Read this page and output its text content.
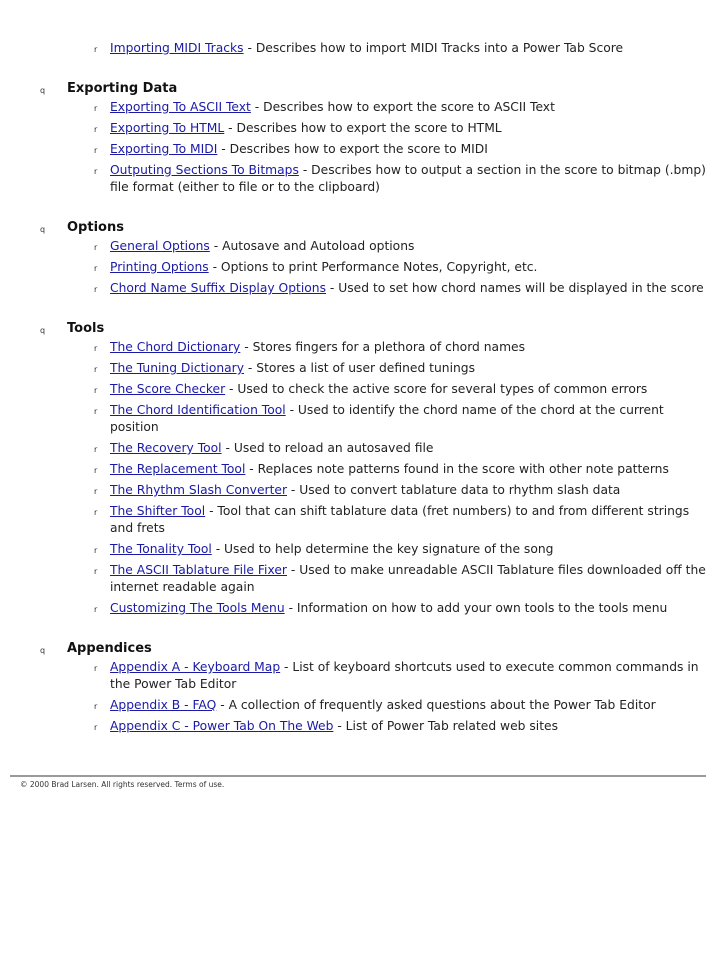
r Importing MIDI Tracks - Describes how to import MIDI Tracks into a Power Tab Score
q Exporting Data
r Exporting To ASCII Text - Describes how to export the score to ASCII Text
r Exporting To HTML - Describes how to export the score to HTML
r Exporting To MIDI - Describes how to export the score to MIDI
r Outputing Sections To Bitmaps - Describes how to output a section in the score to bitmap (.bmp) file format (either to file or to the clipboard)
q Options
r General Options - Autosave and Autoload options
r Printing Options - Options to print Performance Notes, Copyright, etc.
r Chord Name Suffix Display Options - Used to set how chord names will be displayed in the score
q Tools
r The Chord Dictionary - Stores fingers for a plethora of chord names
r The Tuning Dictionary - Stores a list of user defined tunings
r The Score Checker - Used to check the active score for several types of common errors
r The Chord Identification Tool - Used to identify the chord name of the chord at the current position
r The Recovery Tool - Used to reload an autosaved file
r The Replacement Tool - Replaces note patterns found in the score with other note patterns
r The Rhythm Slash Converter - Used to convert tablature data to rhythm slash data
r The Shifter Tool - Tool that can shift tablature data (fret numbers) to and from different strings and frets
r The Tonality Tool - Used to help determine the key signature of the song
r The ASCII Tablature File Fixer - Used to make unreadable ASCII Tablature files downloaded off the internet readable again
r Customizing The Tools Menu - Information on how to add your own tools to the tools menu
q Appendices
r Appendix A - Keyboard Map - List of keyboard shortcuts used to execute common commands in the Power Tab Editor
r Appendix B - FAQ - A collection of frequently asked questions about the Power Tab Editor
r Appendix C - Power Tab On The Web - List of Power Tab related web sites
© 2000 Brad Larsen. All rights reserved. Terms of use.
